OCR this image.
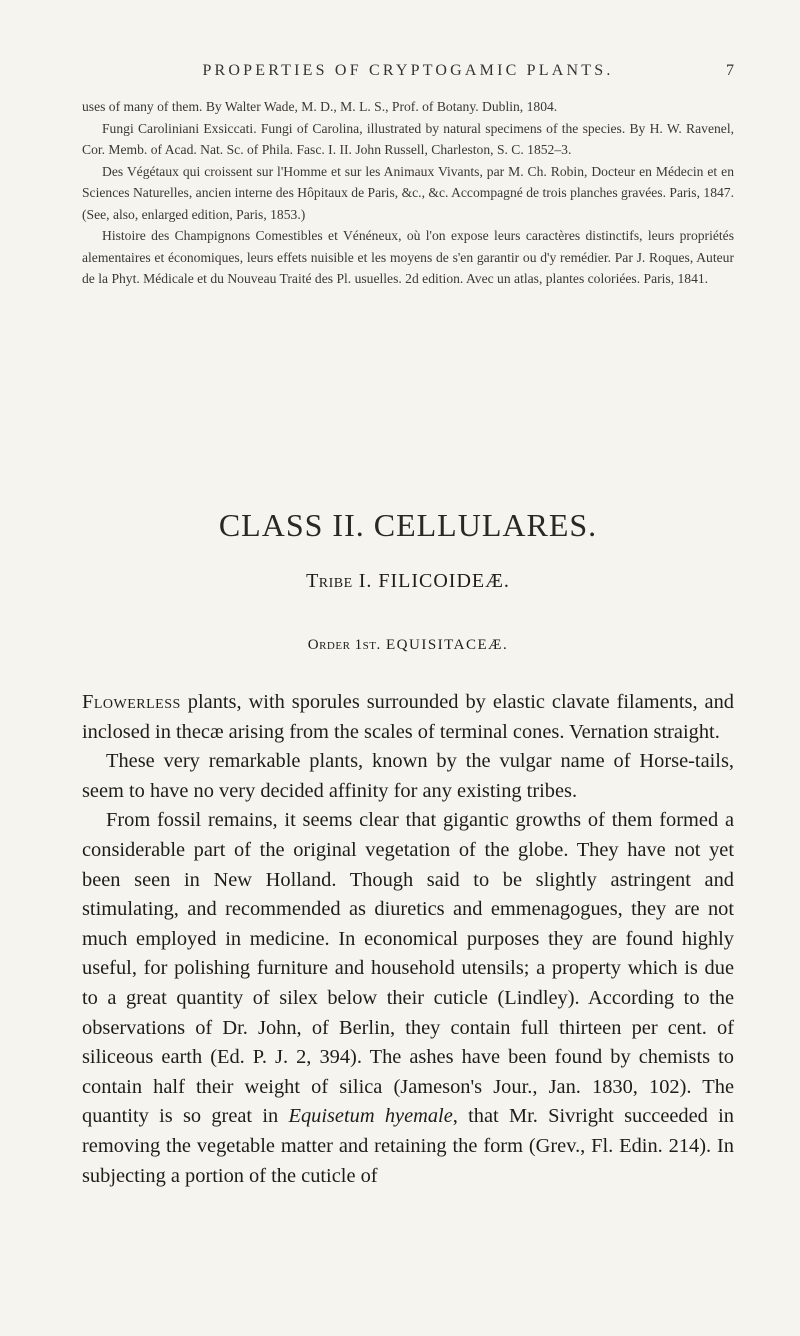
PROPERTIES OF CRYPTOGAMIC PLANTS.	7

uses of many of them. By Walter Wade, M. D., M. L. S., Prof. of Botany. Dublin, 1804.

Fungi Caroliniani Exsiccati. Fungi of Carolina, illustrated by natural specimens of the species. By H. W. Ravenel, Cor. Memb. of Acad. Nat. Sc. of Phila. Fasc. I. II. John Russell, Charleston, S. C. 1852–3.

Des Végétaux qui croissent sur l'Homme et sur les Animaux Vivants, par M. Ch. Robin, Docteur en Médecin et en Sciences Naturelles, ancien interne des Hôpitaux de Paris, &c., &c. Accompagné de trois planches gravées. Paris, 1847. (See, also, enlarged edition, Paris, 1853.)

Histoire des Champignons Comestibles et Vénéneux, où l'on expose leurs caractères distinctifs, leurs propriétés alementaires et économiques, leurs effets nuisible et les moyens de s'en garantir ou d'y remédier. Par J. Roques, Auteur de la Phyt. Médicale et du Nouveau Traité des Pl. usuelles. 2d edition. Avec un atlas, plantes coloriées. Paris, 1841.

CLASS II. CELLULARES.
Tribe I. FILICOIDEÆ.
Order 1st. EQUISITACEÆ.

Flowerless plants, with sporules surrounded by elastic clavate filaments, and inclosed in thecæ arising from the scales of terminal cones. Vernation straight.

These very remarkable plants, known by the vulgar name of Horse-tails, seem to have no very decided affinity for any existing tribes.

From fossil remains, it seems clear that gigantic growths of them formed a considerable part of the original vegetation of the globe. They have not yet been seen in New Holland. Though said to be slightly astringent and stimulating, and recommended as diuretics and emmenagogues, they are not much employed in medicine. In economical purposes they are found highly useful, for polishing furniture and household utensils; a property which is due to a great quantity of silex below their cuticle (Lindley). According to the observations of Dr. John, of Berlin, they contain full thirteen per cent. of siliceous earth (Ed. P. J. 2, 394). The ashes have been found by chemists to contain half their weight of silica (Jameson's Jour., Jan. 1830, 102). The quantity is so great in Equisetum hyemale, that Mr. Sivright succeeded in removing the vegetable matter and retaining the form (Grev., Fl. Edin. 214). In subjecting a portion of the cuticle of
